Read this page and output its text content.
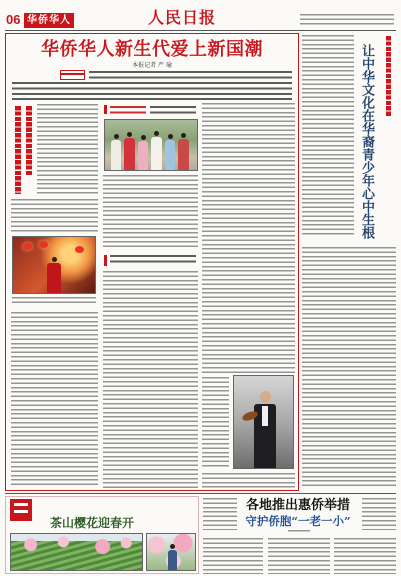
06 华侨华人	人民日报
华侨华人新生代爱上新国潮
本报记者 严 瑜	让中华文化在华裔青少年心中生根
茶山樱花迎春开
各地推出惠侨举措
守护侨胞“一老一小”
